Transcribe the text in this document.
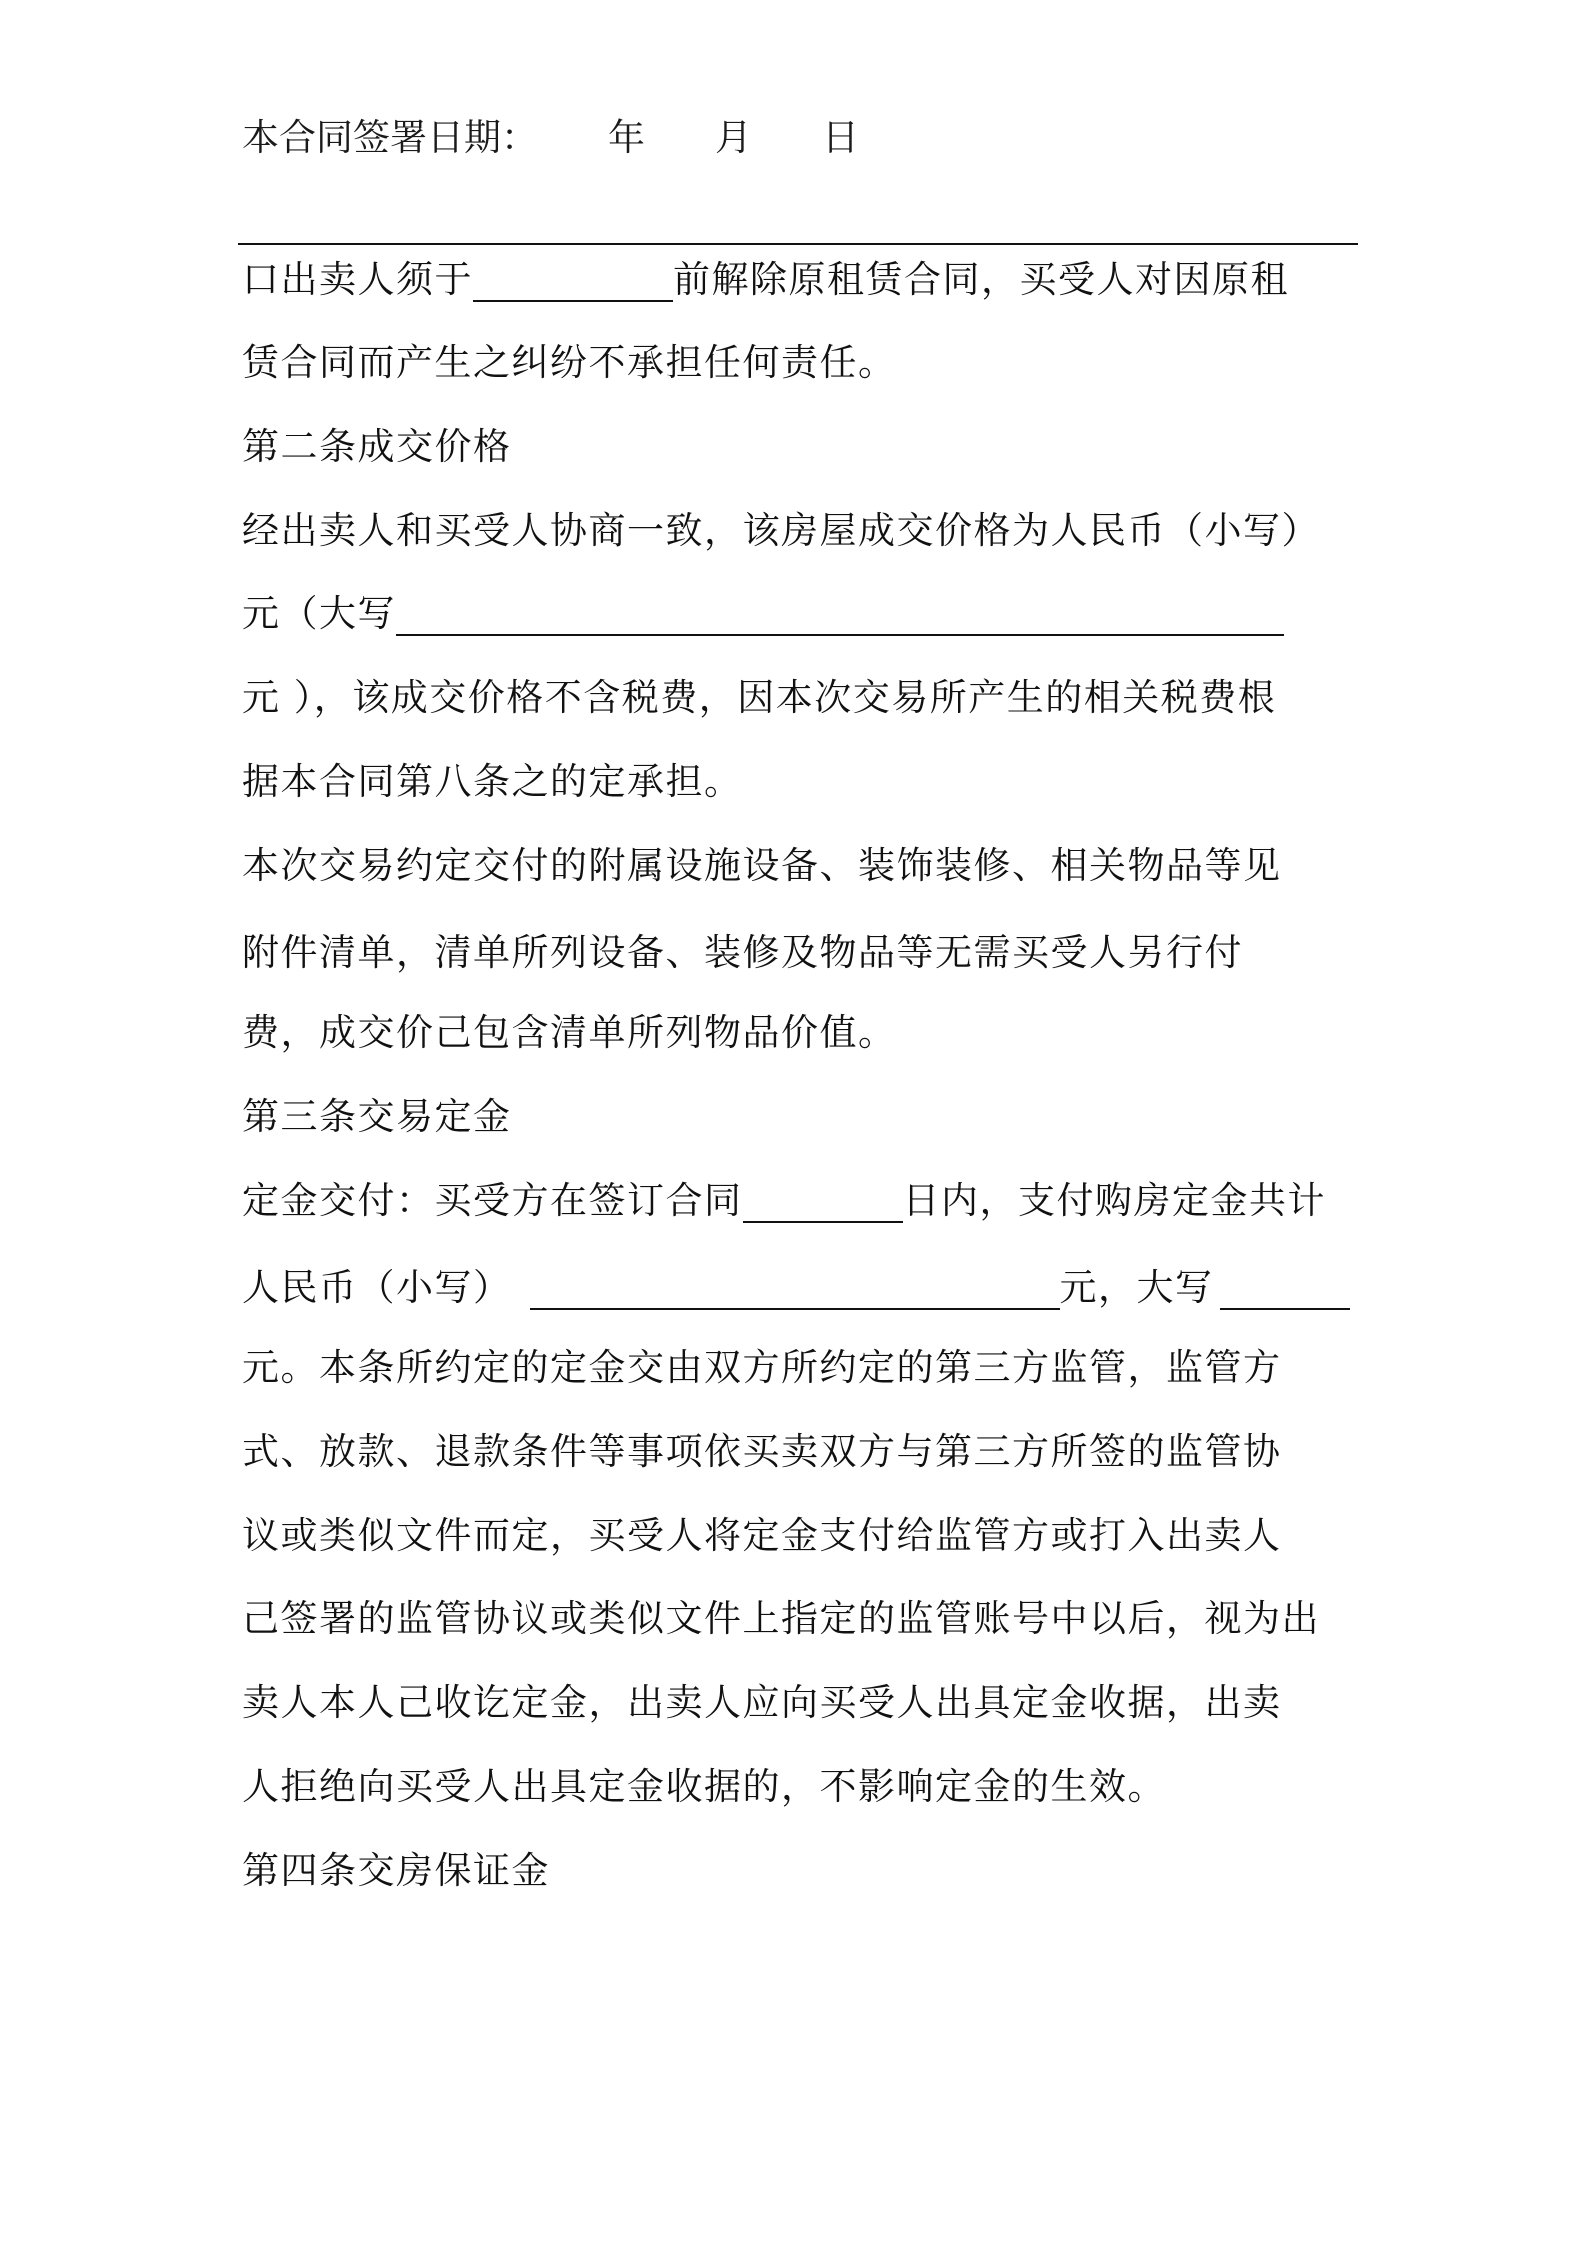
本合同签署日期： 年 月 日
口出卖人须于	前解除原租赁合同，买受人对因原租
赁合同而产生之纠纷不承担任何责任。
第二条成交价格
经出卖人和买受人协商一致，该房屋成交价格为人民币（小写）
元（大写
元 ），该成交价格不含税费，因本次交易所产生的相关税费根
据本合同第八条之的定承担。
本次交易约定交付的附属设施设备、装饰装修、相关物品等见
附件清单，清单所列设备、装修及物品等无需买受人另行付
费，成交价己包含清单所列物品价值。
第三条交易定金
定金交付：买受方在签订合同	日内，支付购房定金共计
人民币（小写）	元，大写
元。本条所约定的定金交由双方所约定的第三方监管，监管方
式、放款、退款条件等事项依买卖双方与第三方所签的监管协
议或类似文件而定，买受人将定金支付给监管方或打入出卖人
己签署的监管协议或类似文件上指定的监管账号中以后，视为出
卖人本人己收讫定金，出卖人应向买受人出具定金收据，出卖
人拒绝向买受人出具定金收据的，不影响定金的生效。
第四条交房保证金
